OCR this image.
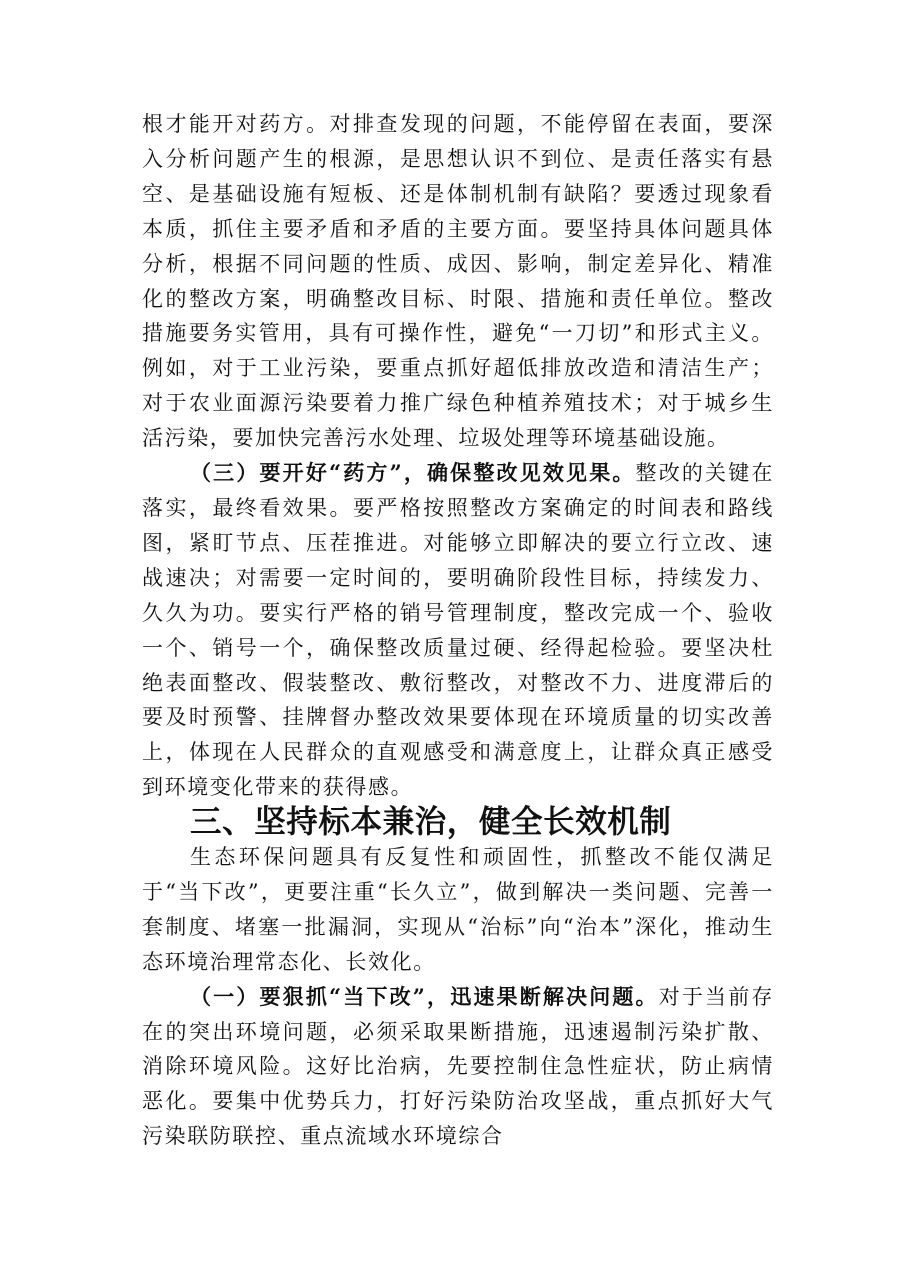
根才能开对药方。对排查发现的问题，不能停留在表面，要深入分析问题产生的根源，是思想认识不到位、是责任落实有悬空、是基础设施有短板、还是体制机制有缺陷？要透过现象看本质，抓住主要矛盾和矛盾的主要方面。要坚持具体问题具体分析，根据不同问题的性质、成因、影响，制定差异化、精准化的整改方案，明确整改目标、时限、措施和责任单位。整改措施要务实管用，具有可操作性，避免“一刀切”和形式主义。例如，对于工业污染，要重点抓好超低排放改造和清洁生产；对于农业面源污染要着力推广绿色种植养殖技术；对于城乡生活污染，要加快完善污水处理、垃圾处理等环境基础设施。

（三）要开好“药方”，确保整改见效见果。整改的关键在落实，最终看效果。要严格按照整改方案确定的时间表和路线图，紧盯节点、压茬推进。对能够立即解决的要立行立改、速战速决；对需要一定时间的，要明确阶段性目标，持续发力、久久为功。要实行严格的销号管理制度，整改完成一个、验收一个、销号一个，确保整改质量过硬、经得起检验。要坚决杜绝表面整改、假装整改、敷衍整改，对整改不力、进度滞后的要及时预警、挂牌督办整改效果要体现在环境质量的切实改善上，体现在人民群众的直观感受和满意度上，让群众真正感受到环境变化带来的获得感。

三、坚持标本兼治，健全长效机制

生态环保问题具有反复性和顽固性，抓整改不能仅满足于“当下改”，更要注重“长久立”，做到解决一类问题、完善一套制度、堵塞一批漏洞，实现从“治标”向“治本”深化，推动生态环境治理常态化、长效化。

（一）要狠抓“当下改”，迅速果断解决问题。对于当前存在的突出环境问题，必须采取果断措施，迅速遏制污染扩散、消除环境风险。这好比治病，先要控制住急性症状，防止病情恶化。要集中优势兵力，打好污染防治攻坚战，重点抓好大气污染联防联控、重点流域水环境综合
